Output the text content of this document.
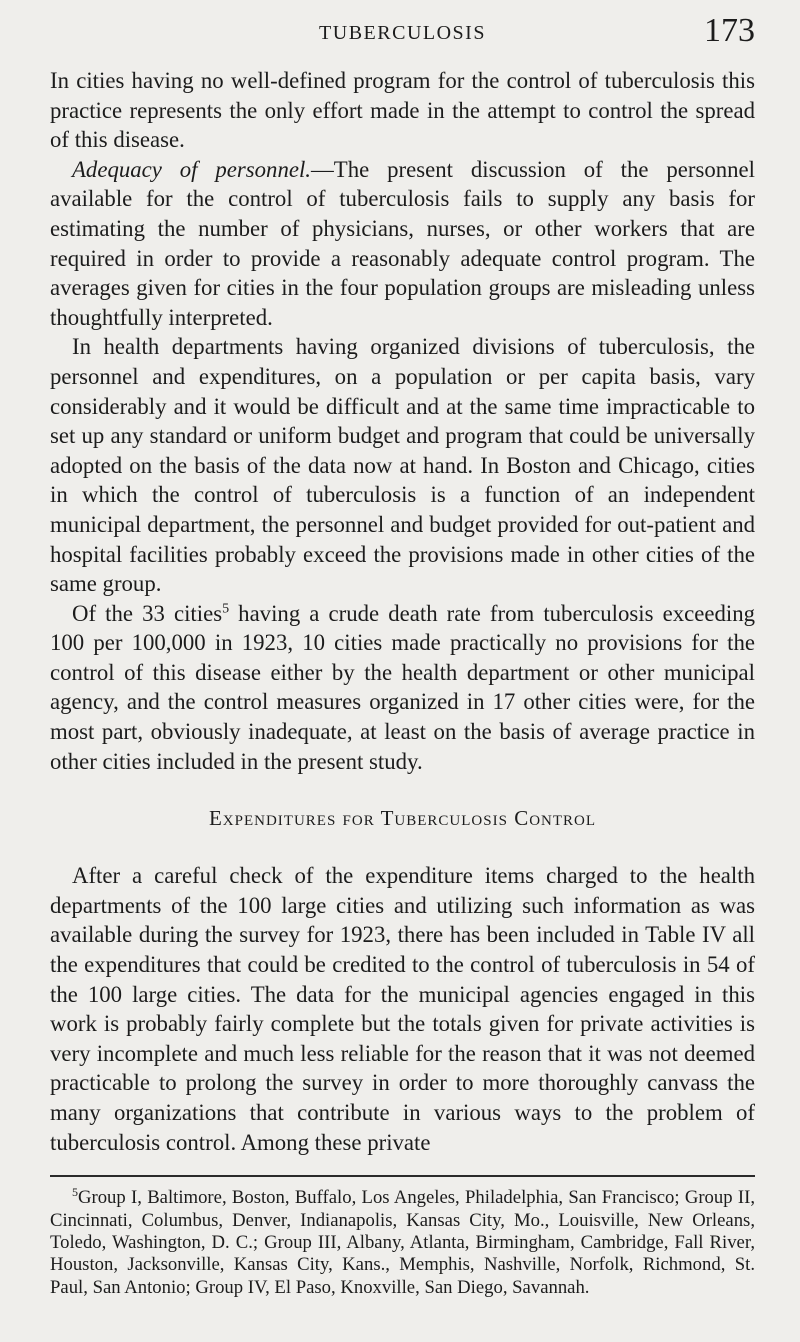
TUBERCULOSIS	173

In cities having no well-defined program for the control of tuberculosis this practice represents the only effort made in the attempt to control the spread of this disease.

Adequacy of personnel.—The present discussion of the personnel available for the control of tuberculosis fails to supply any basis for estimating the number of physicians, nurses, or other workers that are required in order to provide a reasonably adequate control program. The averages given for cities in the four population groups are misleading unless thoughtfully interpreted.

In health departments having organized divisions of tuberculosis, the personnel and expenditures, on a population or per capita basis, vary considerably and it would be difficult and at the same time impracticable to set up any standard or uniform budget and program that could be universally adopted on the basis of the data now at hand. In Boston and Chicago, cities in which the control of tuberculosis is a function of an independent municipal department, the personnel and budget provided for out-patient and hospital facilities probably exceed the provisions made in other cities of the same group.

Of the 33 cities$^5$ having a crude death rate from tuberculosis exceeding 100 per 100,000 in 1923, 10 cities made practically no provisions for the control of this disease either by the health department or other municipal agency, and the control measures organized in 17 other cities were, for the most part, obviously inadequate, at least on the basis of average practice in other cities included in the present study.

Expenditures for Tuberculosis Control

After a careful check of the expenditure items charged to the health departments of the 100 large cities and utilizing such information as was available during the survey for 1923, there has been included in Table IV all the expenditures that could be credited to the control of tuberculosis in 54 of the 100 large cities. The data for the municipal agencies engaged in this work is probably fairly complete but the totals given for private activities is very incomplete and much less reliable for the reason that it was not deemed practicable to prolong the survey in order to more thoroughly canvass the many organizations that contribute in various ways to the problem of tuberculosis control. Among these private

$^5$Group I, Baltimore, Boston, Buffalo, Los Angeles, Philadelphia, San Francisco; Group II, Cincinnati, Columbus, Denver, Indianapolis, Kansas City, Mo., Louisville, New Orleans, Toledo, Washington, D. C.; Group III, Albany, Atlanta, Birmingham, Cambridge, Fall River, Houston, Jacksonville, Kansas City, Kans., Memphis, Nashville, Norfolk, Richmond, St. Paul, San Antonio; Group IV, El Paso, Knoxville, San Diego, Savannah.
